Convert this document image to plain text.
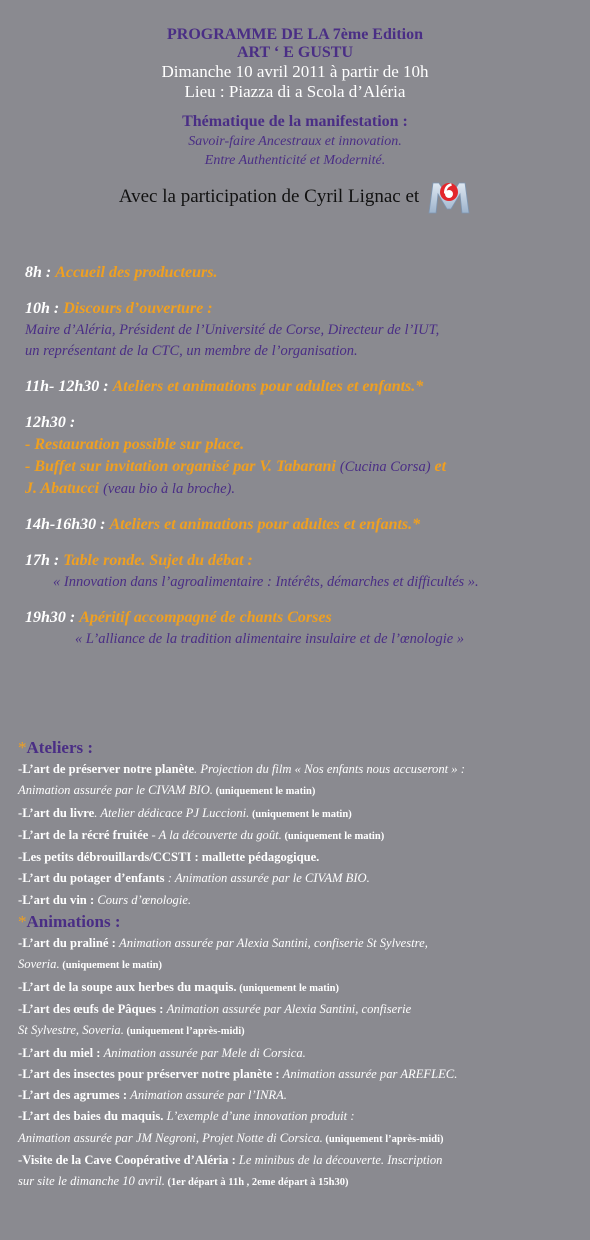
PROGRAMME DE LA 7ème Edition
ART ‘ E GUSTU
Dimanche 10 avril 2011 à partir de 10h
Lieu : Piazza di a Scola d’Aléria
Thématique de la manifestation :
Savoir-faire Ancestraux et innovation.
Entre Authenticité et Modernité.
Avec la participation de Cyril Lignac et
8h : Accueil des producteurs.
10h : Discours d’ouverture :
Maire d’Aléria, Président de l’Université de Corse, Directeur de l’IUT,
un représentant de la CTC, un membre de l’organisation.
11h- 12h30 : Ateliers et animations pour adultes et enfants.*
12h30 :
- Restauration possible sur place.
- Buffet sur invitation organisé par V. Tabarani (Cucina Corsa) et
J. Abatucci (veau bio à la broche).
14h-16h30 : Ateliers et animations pour adultes et enfants.*
17h : Table ronde. Sujet du débat :
« Innovation dans l’agroalimentaire : Intérêts, démarches et difficultés ».
19h30 : Apéritif accompagné de chants Corses
« L’alliance de la tradition alimentaire insulaire et de l’œnologie »
*Ateliers :
-L’art de préserver notre planète. Projection du film « Nos enfants nous accuseront » :
Animation assurée par le CIVAM BIO. (uniquement le matin)
-L’art du livre. Atelier dédicace PJ Luccioni. (uniquement le matin)
-L’art de la récré fruitée - A la découverte du goût. (uniquement le matin)
-Les petits débrouillards/CCSTI : mallette pédagogique.
-L’art du potager d’enfants : Animation assurée par le CIVAM BIO.
-L’art du vin : Cours d’œnologie.
*Animations :
-L’art du praliné : Animation assurée par Alexia Santini, confiserie St Sylvestre,
Soveria. (uniquement le matin)
-L’art de la soupe aux herbes du maquis. (uniquement le matin)
-L’art des œufs de Pâques : Animation assurée par Alexia Santini, confiserie
St Sylvestre, Soveria. (uniquement l’après-midi)
-L’art du miel : Animation assurée par Mele di Corsica.
-L’art des insectes pour préserver notre planète : Animation assurée par AREFLEC.
-L’art des agrumes : Animation assurée par l’INRA.
-L’art des baies du maquis. L’exemple d’une innovation produit :
Animation assurée par JM Negroni, Projet Notte di Corsica. (uniquement l’après-midi)
-Visite de la Cave Coopérative d’Aléria : Le minibus de la découverte. Inscription
sur site le dimanche 10 avril. (1er départ à 11h , 2eme départ à 15h30)
